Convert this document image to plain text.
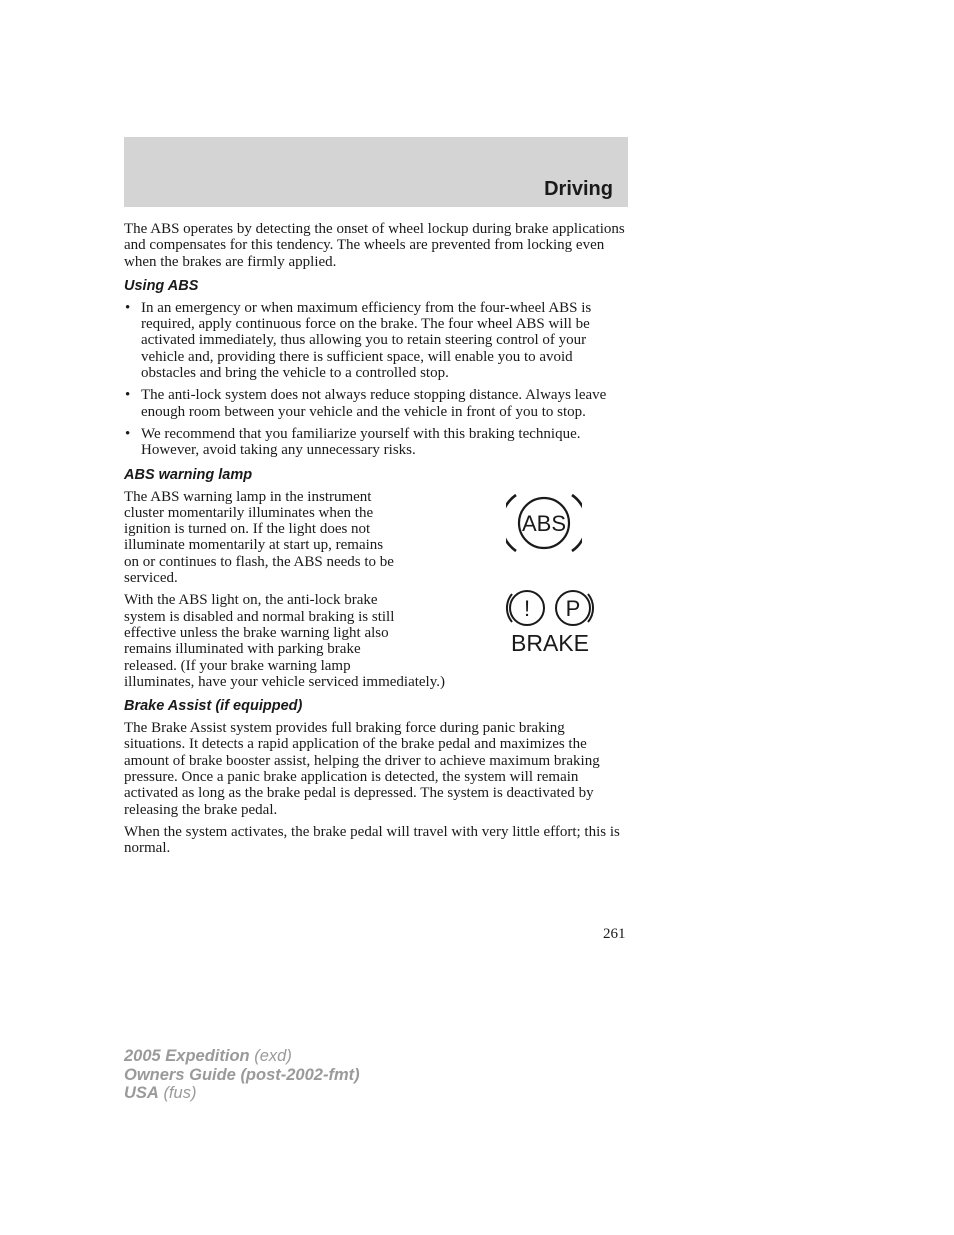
Driving

The ABS operates by detecting the onset of wheel lockup during brake applications and compensates for this tendency. The wheels are prevented from locking even when the brakes are firmly applied.

Using ABS
• In an emergency or when maximum efficiency from the four-wheel ABS is required, apply continuous force on the brake. The four wheel ABS will be activated immediately, thus allowing you to retain steering control of your vehicle and, providing there is sufficient space, will enable you to avoid obstacles and bring the vehicle to a controlled stop.
• The anti-lock system does not always reduce stopping distance. Always leave enough room between your vehicle and the vehicle in front of you to stop.
• We recommend that you familiarize yourself with this braking technique. However, avoid taking any unnecessary risks.
ABS warning lamp
ABS

The ABS warning lamp in the instrument cluster momentarily illuminates when the ignition is turned on. If the light does not illuminate momentarily at start up, remains on or continues to flash, the ABS needs to be serviced.

! P
BRAKE

With the ABS light on, the anti-lock brake system is disabled and normal braking is still effective unless the brake warning light also remains illuminated with parking brake released. (If your brake warning lamp illuminates, have your vehicle serviced immediately.)

Brake Assist (if equipped)

The Brake Assist system provides full braking force during panic braking situations. It detects a rapid application of the brake pedal and maximizes the amount of brake booster assist, helping the driver to achieve maximum braking pressure. Once a panic brake application is detected, the system will remain activated as long as the brake pedal is depressed. The system is deactivated by releasing the brake pedal.

When the system activates, the brake pedal will travel with very little effort; this is normal.

261
2005 Expedition (exd)
Owners Guide (post-2002-fmt)
USA (fus)
